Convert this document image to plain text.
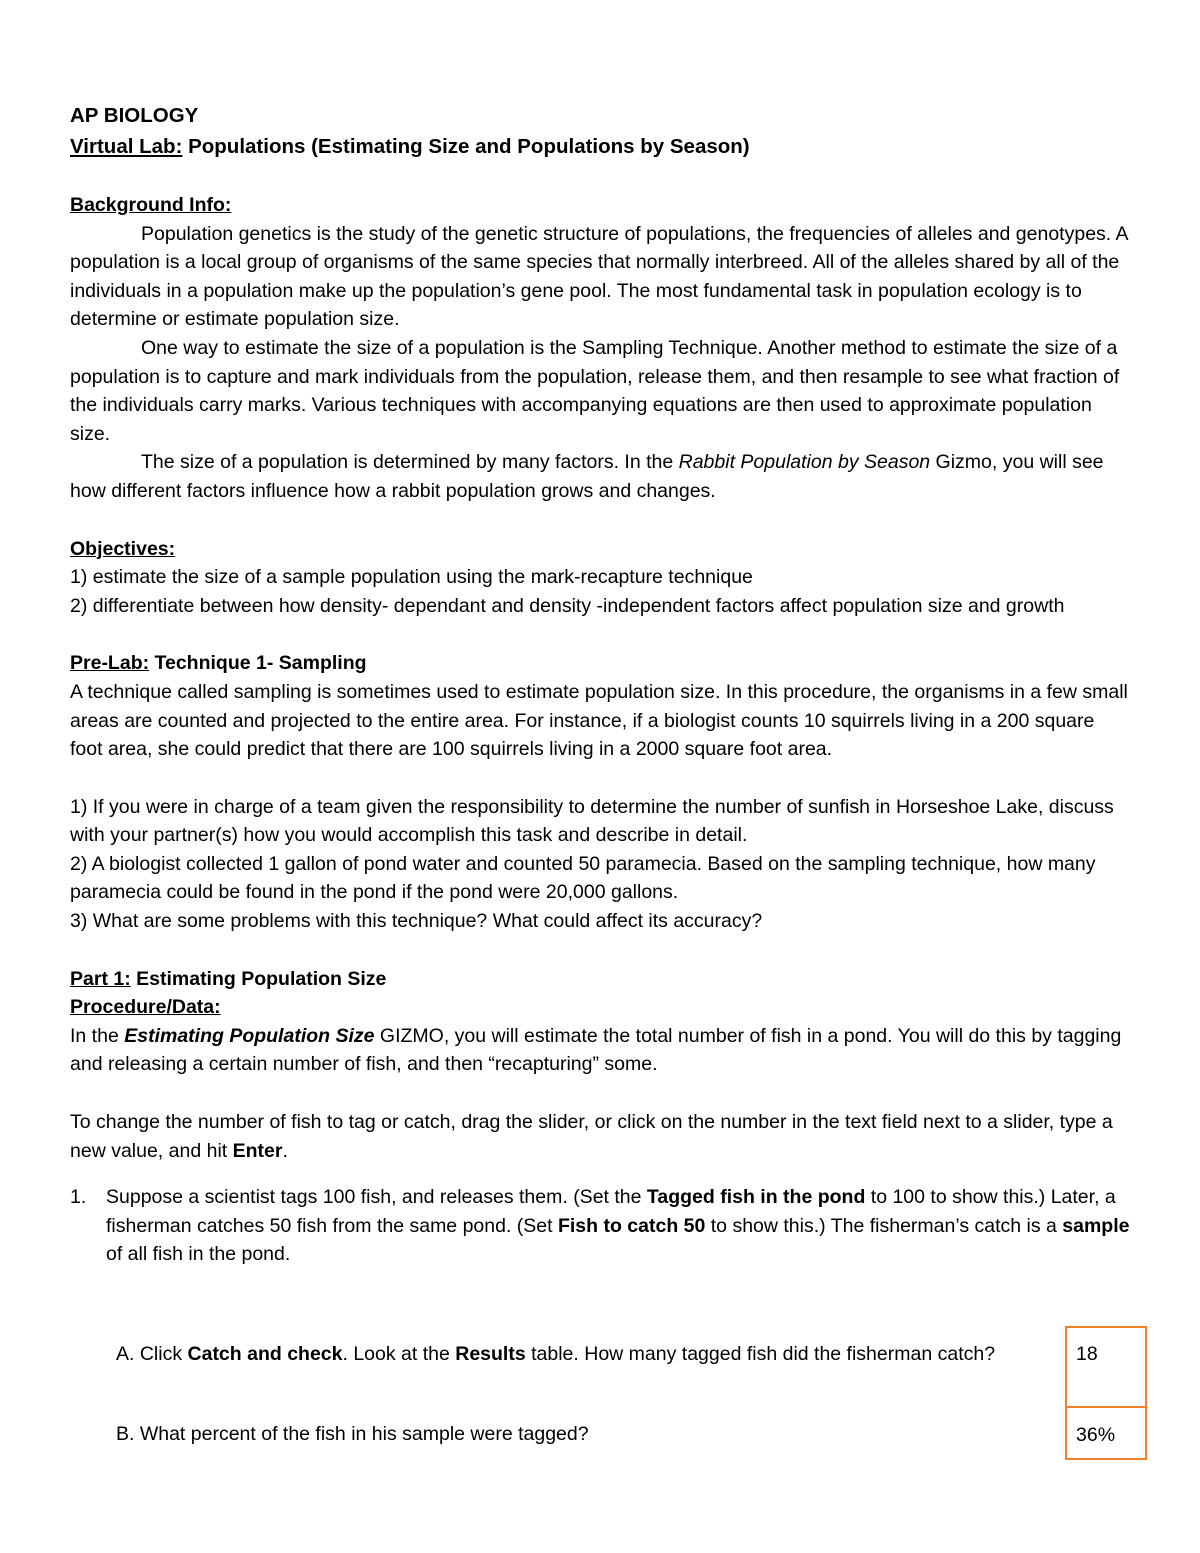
AP BIOLOGY

Virtual Lab: Populations (Estimating Size and Populations by Season)

Background Info:

Population genetics is the study of the genetic structure of populations, the frequencies of alleles and genotypes. A population is a local group of organisms of the same species that normally interbreed. All of the alleles shared by all of the individuals in a population make up the population’s gene pool. The most fundamental task in population ecology is to determine or estimate population size.

One way to estimate the size of a population is the Sampling Technique. Another method to estimate the size of a population is to capture and mark individuals from the population, release them, and then resample to see what fraction of the individuals carry marks. Various techniques with accompanying equations are then used to approximate population size.

The size of a population is determined by many factors. In the Rabbit Population by Season Gizmo, you will see how different factors influence how a rabbit population grows and changes.

Objectives:

1) estimate the size of a sample population using the mark-recapture technique

2) differentiate between how density- dependant and density -independent factors affect population size and growth

Pre-Lab: Technique 1- Sampling

A technique called sampling is sometimes used to estimate population size. In this procedure, the organisms in a few small areas are counted and projected to the entire area. For instance, if a biologist counts 10 squirrels living in a 200 square foot area, she could predict that there are 100 squirrels living in a 2000 square foot area.

1) If you were in charge of a team given the responsibility to determine the number of sunfish in Horseshoe Lake, discuss with your partner(s) how you would accomplish this task and describe in detail.

2) A biologist collected 1 gallon of pond water and counted 50 paramecia. Based on the sampling technique, how many paramecia could be found in the pond if the pond were 20,000 gallons.

3) What are some problems with this technique? What could affect its accuracy?

Part 1: Estimating Population Size

Procedure/Data:

In the Estimating Population Size GIZMO, you will estimate the total number of fish in a pond. You will do this by tagging and releasing a certain number of fish, and then “recapturing” some.

To change the number of fish to tag or catch, drag the slider, or click on the number in the text field next to a slider, type a new value, and hit Enter.

1.	Suppose a scientist tags 100 fish, and releases them. (Set the Tagged fish in the pond to 100 to show this.) Later, a fisherman catches 50 fish from the same pond. (Set Fish to catch 50 to show this.) The fisherman’s catch is a sample of all fish in the pond.

A. Click Catch and check. Look at the Results table. How many tagged fish did the fisherman catch?

B. What percent of the fish in his sample were tagged?

18
36%
